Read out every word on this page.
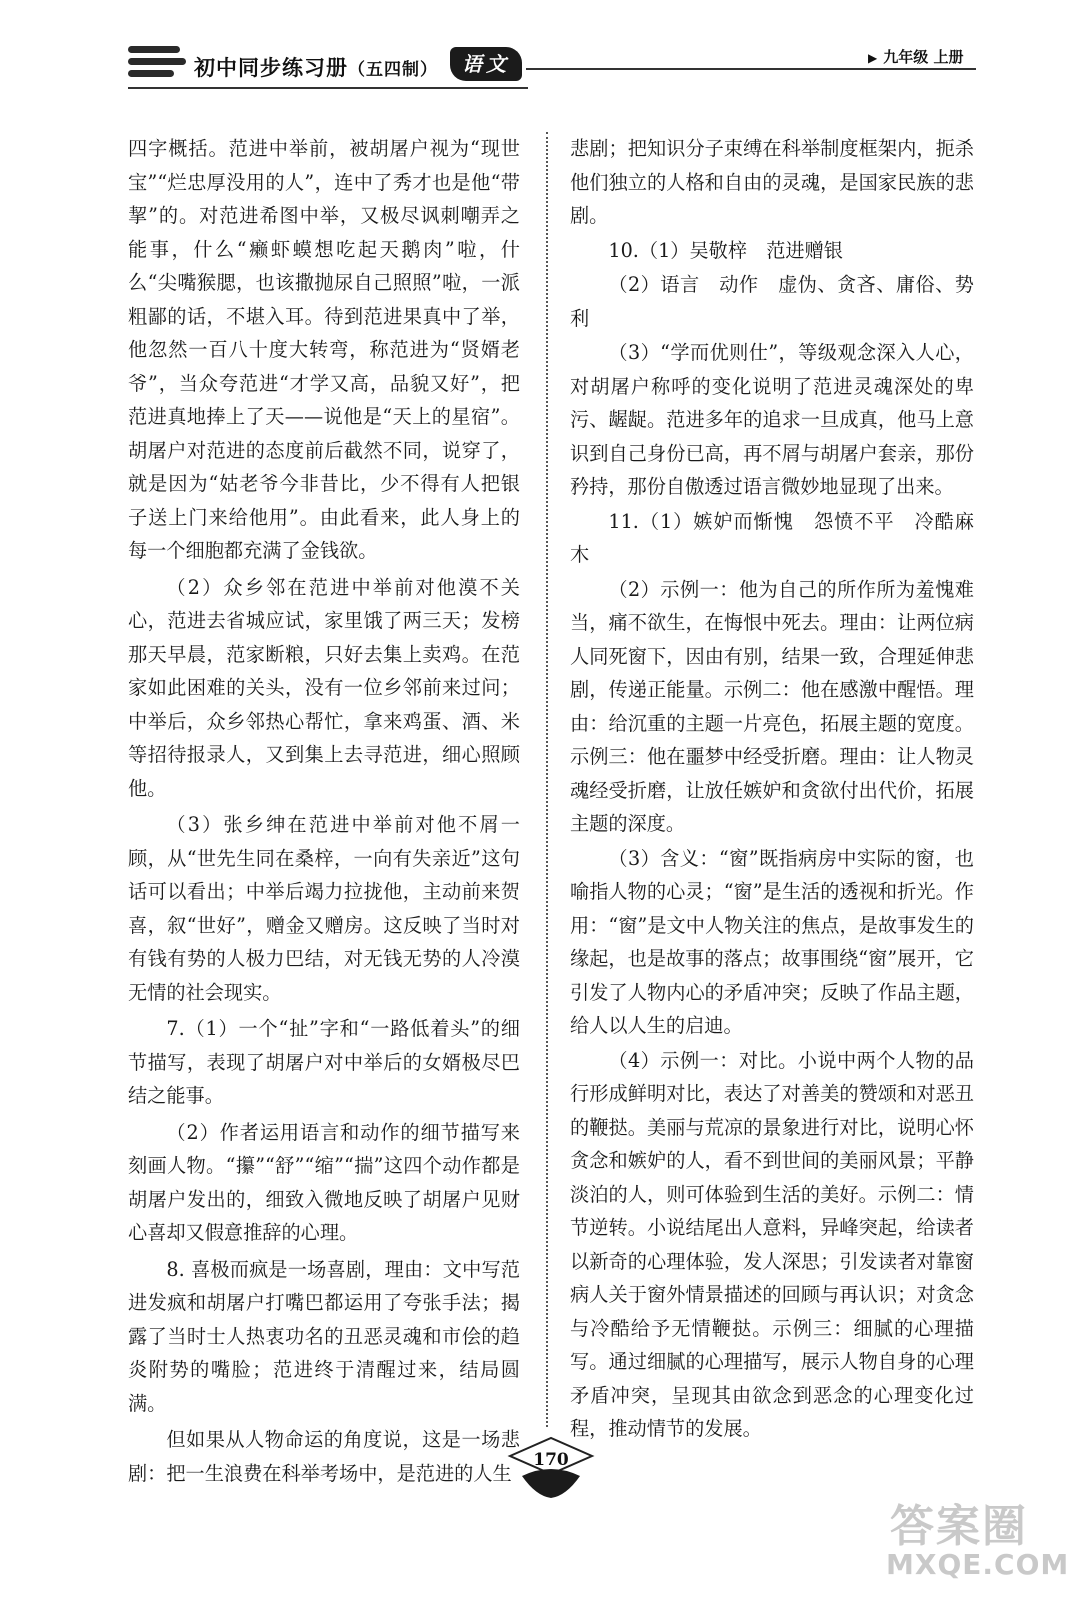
初中同步练习册（五四制）	语文	▶ 九年级 上册

四字概括。范进中举前，被胡屠户视为“现世宝”“烂忠厚没用的人”，连中了秀才也是他“带挈”的。对范进希图中举，又极尽讽刺嘲弄之能事，什么“癞虾蟆想吃起天鹅肉”啦，什么“尖嘴猴腮，也该撒抛尿自己照照”啦，一派粗鄙的话，不堪入耳。待到范进果真中了举，他忽然一百八十度大转弯，称范进为“贤婿老爷”，当众夸范进“才学又高，品貌又好”，把范进真地捧上了天——说他是“天上的星宿”。胡屠户对范进的态度前后截然不同，说穿了，就是因为“姑老爷今非昔比，少不得有人把银子送上门来给他用”。由此看来，此人身上的每一个细胞都充满了金钱欲。

（2）众乡邻在范进中举前对他漠不关心，范进去省城应试，家里饿了两三天；发榜那天早晨，范家断粮，只好去集上卖鸡。在范家如此困难的关头，没有一位乡邻前来过问；中举后，众乡邻热心帮忙，拿来鸡蛋、酒、米等招待报录人，又到集上去寻范进，细心照顾他。

（3）张乡绅在范进中举前对他不屑一顾，从“世先生同在桑梓，一向有失亲近”这句话可以看出；中举后竭力拉拢他，主动前来贺喜，叙“世好”，赠金又赠房。这反映了当时对有钱有势的人极力巴结，对无钱无势的人冷漠无情的社会现实。

7.（1）一个“扯”字和“一路低着头”的细节描写，表现了胡屠户对中举后的女婿极尽巴结之能事。

（2）作者运用语言和动作的细节描写来刻画人物。“攥”“舒”“缩”“揣”这四个动作都是胡屠户发出的，细致入微地反映了胡屠户见财心喜却又假意推辞的心理。

8. 喜极而疯是一场喜剧，理由：文中写范进发疯和胡屠户打嘴巴都运用了夸张手法；揭露了当时士人热衷功名的丑恶灵魂和市侩的趋炎附势的嘴脸；范进终于清醒过来，结局圆满。

但如果从人物命运的角度说，这是一场悲剧：把一生浪费在科举考场中，是范进的人生

悲剧；把知识分子束缚在科举制度框架内，扼杀他们独立的人格和自由的灵魂，是国家民族的悲剧。

10.（1）吴敬梓　范进赠银

（2）语言　动作　虚伪、贪吝、庸俗、势利

（3）“学而优则仕”，等级观念深入人心，对胡屠户称呼的变化说明了范进灵魂深处的卑污、龌龊。范进多年的追求一旦成真，他马上意识到自己身份已高，再不屑与胡屠户套亲，那份矜持，那份自傲透过语言微妙地显现了出来。

11.（1）嫉妒而惭愧　怨愤不平　冷酷麻木

（2）示例一：他为自己的所作所为羞愧难当，痛不欲生，在悔恨中死去。理由：让两位病人同死窗下，因由有别，结果一致，合理延伸悲剧，传递正能量。示例二：他在感激中醒悟。理由：给沉重的主题一片亮色，拓展主题的宽度。示例三：他在噩梦中经受折磨。理由：让人物灵魂经受折磨，让放任嫉妒和贪欲付出代价，拓展主题的深度。

（3）含义：“窗”既指病房中实际的窗，也喻指人物的心灵；“窗”是生活的透视和折光。作用：“窗”是文中人物关注的焦点，是故事发生的缘起，也是故事的落点；故事围绕“窗”展开，它引发了人物内心的矛盾冲突；反映了作品主题，给人以人生的启迪。

（4）示例一：对比。小说中两个人物的品行形成鲜明对比，表达了对善美的赞颂和对恶丑的鞭挞。美丽与荒凉的景象进行对比，说明心怀贪念和嫉妒的人，看不到世间的美丽风景；平静淡泊的人，则可体验到生活的美好。示例二：情节逆转。小说结尾出人意料，异峰突起，给读者以新奇的心理体验，发人深思；引发读者对靠窗病人关于窗外情景描述的回顾与再认识；对贪念与冷酷给予无情鞭挞。示例三：细腻的心理描写。通过细腻的心理描写，展示人物自身的心理矛盾冲突，呈现其由欲念到恶念的心理变化过程，推动情节的发展。

170
答案圈
MXQE.COM
